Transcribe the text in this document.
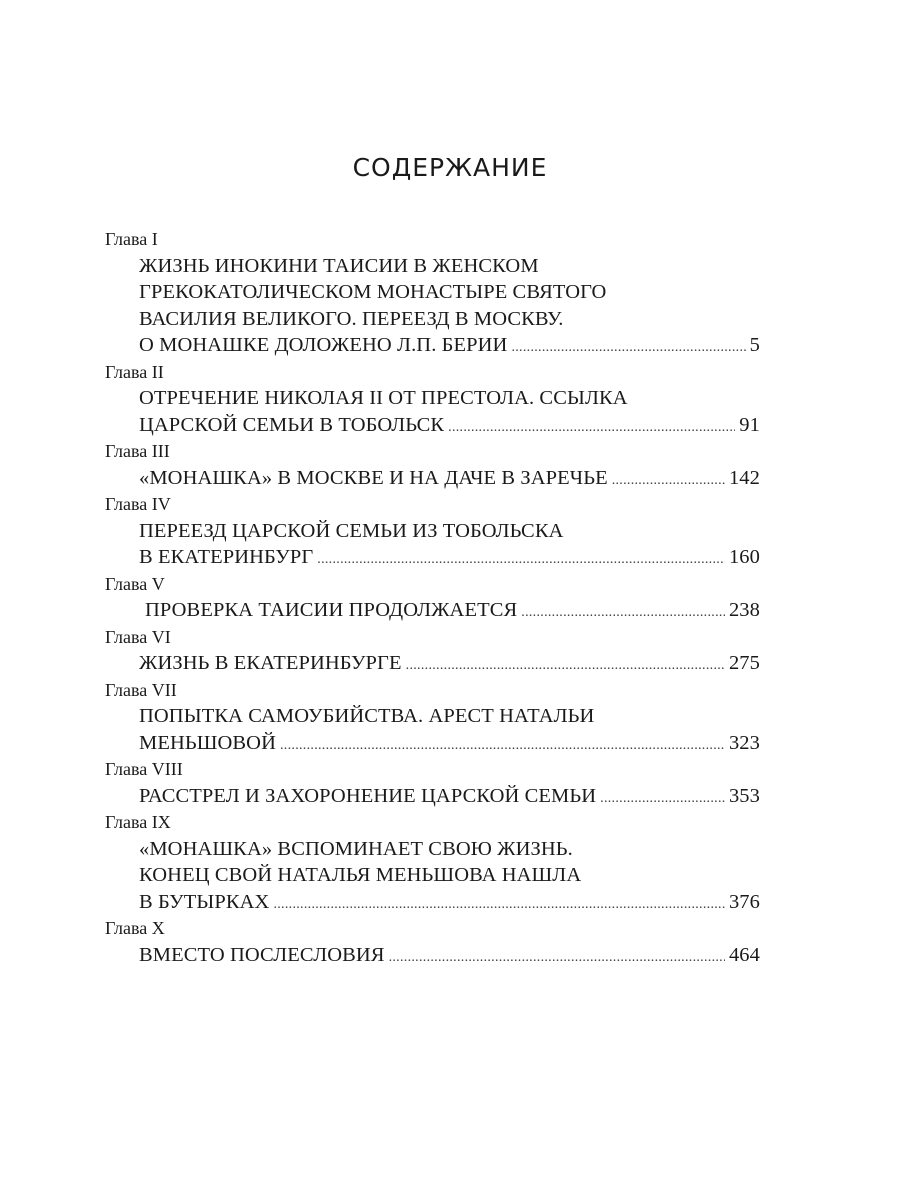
СОДЕРЖАНИЕ
Глава I
ЖИЗНЬ ИНОКИНИ ТАИСИИ В ЖЕНСКОМ
ГРЕКОКАТОЛИЧЕСКОМ МОНАСТЫРЕ СВЯТОГО
ВАСИЛИЯ ВЕЛИКОГО. ПЕРЕЕЗД В МОСКВУ.
О МОНАШКЕ ДОЛОЖЕНО Л.П. БЕРИИ . . .	5
Глава II
ОТРЕЧЕНИЕ НИКОЛАЯ II ОТ ПРЕСТОЛА. ССЫЛКА
ЦАРСКОЙ СЕМЬИ В ТОБОЛЬСК . . .	91
Глава III
«МОНАШКА» В МОСКВЕ И НА ДАЧЕ В ЗАРЕЧЬЕ . . .	142
Глава IV
ПЕРЕЕЗД ЦАРСКОЙ СЕМЬИ ИЗ ТОБОЛЬСКА
В ЕКАТЕРИНБУРГ . . .	160
Глава V
ПРОВЕРКА ТАИСИИ ПРОДОЛЖАЕТСЯ . . .	238
Глава VI
ЖИЗНЬ В ЕКАТЕРИНБУРГЕ . . .	275
Глава VII
ПОПЫТКА САМОУБИЙСТВА. АРЕСТ НАТАЛЬИ
МЕНЬШОВОЙ . . .	323
Глава VIII
РАССТРЕЛ И ЗАХОРОНЕНИЕ ЦАРСКОЙ СЕМЬИ . . .	353
Глава IX
«МОНАШКА» ВСПОМИНАЕТ СВОЮ ЖИЗНЬ.
КОНЕЦ СВОЙ НАТАЛЬЯ МЕНЬШОВА НАШЛА
В БУТЫРКАХ . . .	376
Глава X
ВМЕСТО ПОСЛЕСЛОВИЯ . . .	464
